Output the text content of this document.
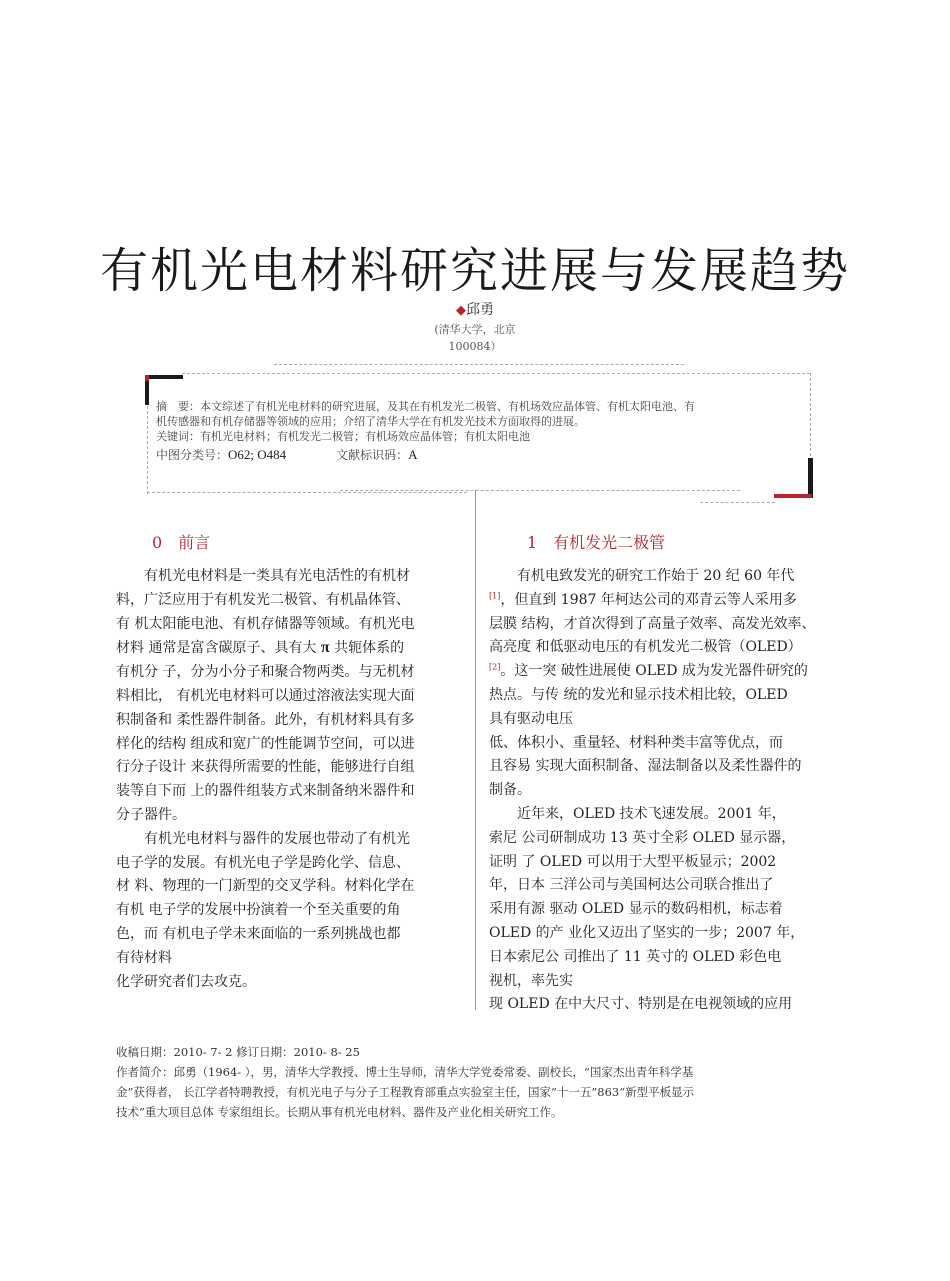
有机光电材料研究进展与发展趋势
◆邱勇
(清华大学，北京
100084）

摘　要：本文综述了有机光电材料的研究进展，及其在有机发光二极管、有机场效应晶体管、有机太阳电池、有

机传感器和有机存储器等领域的应用；介绍了清华大学在有机发光技术方面取得的进展。

关键词：有机光电材料；有机发光二极管；有机场效应晶体管；有机太阳电池

中图分类号：O62; O484	文献标识码：A
0　前言

有机光电材料是一类具有光电活性的有机材

料，广泛应用于有机发光二极管、有机晶体管、

有 机太阳能电池、有机存储器等领域。有机光电

材料 通常是富含碳原子、具有大 π 共轭体系的

有机分 子，分为小分子和聚合物两类。与无机材

料相比， 有机光电材料可以通过溶液法实现大面

积制备和 柔性器件制备。此外，有机材料具有多

样化的结构 组成和宽广的性能调节空间，可以进

行分子设计 来获得所需要的性能，能够进行自组

装等自下而 上的器件组装方式来制备纳米器件和

分子器件。

有机光电材料与器件的发展也带动了有机光

电子学的发展。有机光电子学是跨化学、信息、

材 料、物理的一门新型的交叉学科。材料化学在

有机 电子学的发展中扮演着一个至关重要的角

色，而 有机电子学未来面临的一系列挑战也都

有待材料

化学研究者们去攻克。

1　有机发光二极管

有机电致发光的研究工作始于 20 纪 60 年代

[1]，但直到 1987 年柯达公司的邓青云等人采用多

层膜 结构，才首次得到了高量子效率、高发光效率、

高亮度 和低驱动电压的有机发光二极管（OLED）

[2]。这一突 破性进展使 OLED 成为发光器件研究的

热点。与传 统的发光和显示技术相比较，OLED

具有驱动电压

低、体积小、重量轻、材料种类丰富等优点，而

且容易 实现大面积制备、湿法制备以及柔性器件的

制备。

近年来，OLED 技术飞速发展。2001 年，

索尼 公司研制成功 13 英寸全彩 OLED 显示器，

证明 了 OLED 可以用于大型平板显示；2002

年，日本 三洋公司与美国柯达公司联合推出了

采用有源 驱动 OLED 显示的数码相机，标志着

OLED 的产 业化又迈出了坚实的一步；2007 年，

日本索尼公 司推出了 11 英寸的 OLED 彩色电

视机，率先实

现 OLED 在中大尺寸、特别是在电视领域的应用

收稿日期：2010- 7- 2 修订日期：2010- 8- 25

作者简介：邱勇（1964- ），男，清华大学教授、博士生导师，清华大学党委常委、副校长，“国家杰出青年科学基

金”获得者， 长江学者特聘教授，有机光电子与分子工程教育部重点实验室主任，国家“十一五”863“新型平板显示

技术”重大项目总体 专家组组长。长期从事有机光电材料、器件及产业化相关研究工作。
